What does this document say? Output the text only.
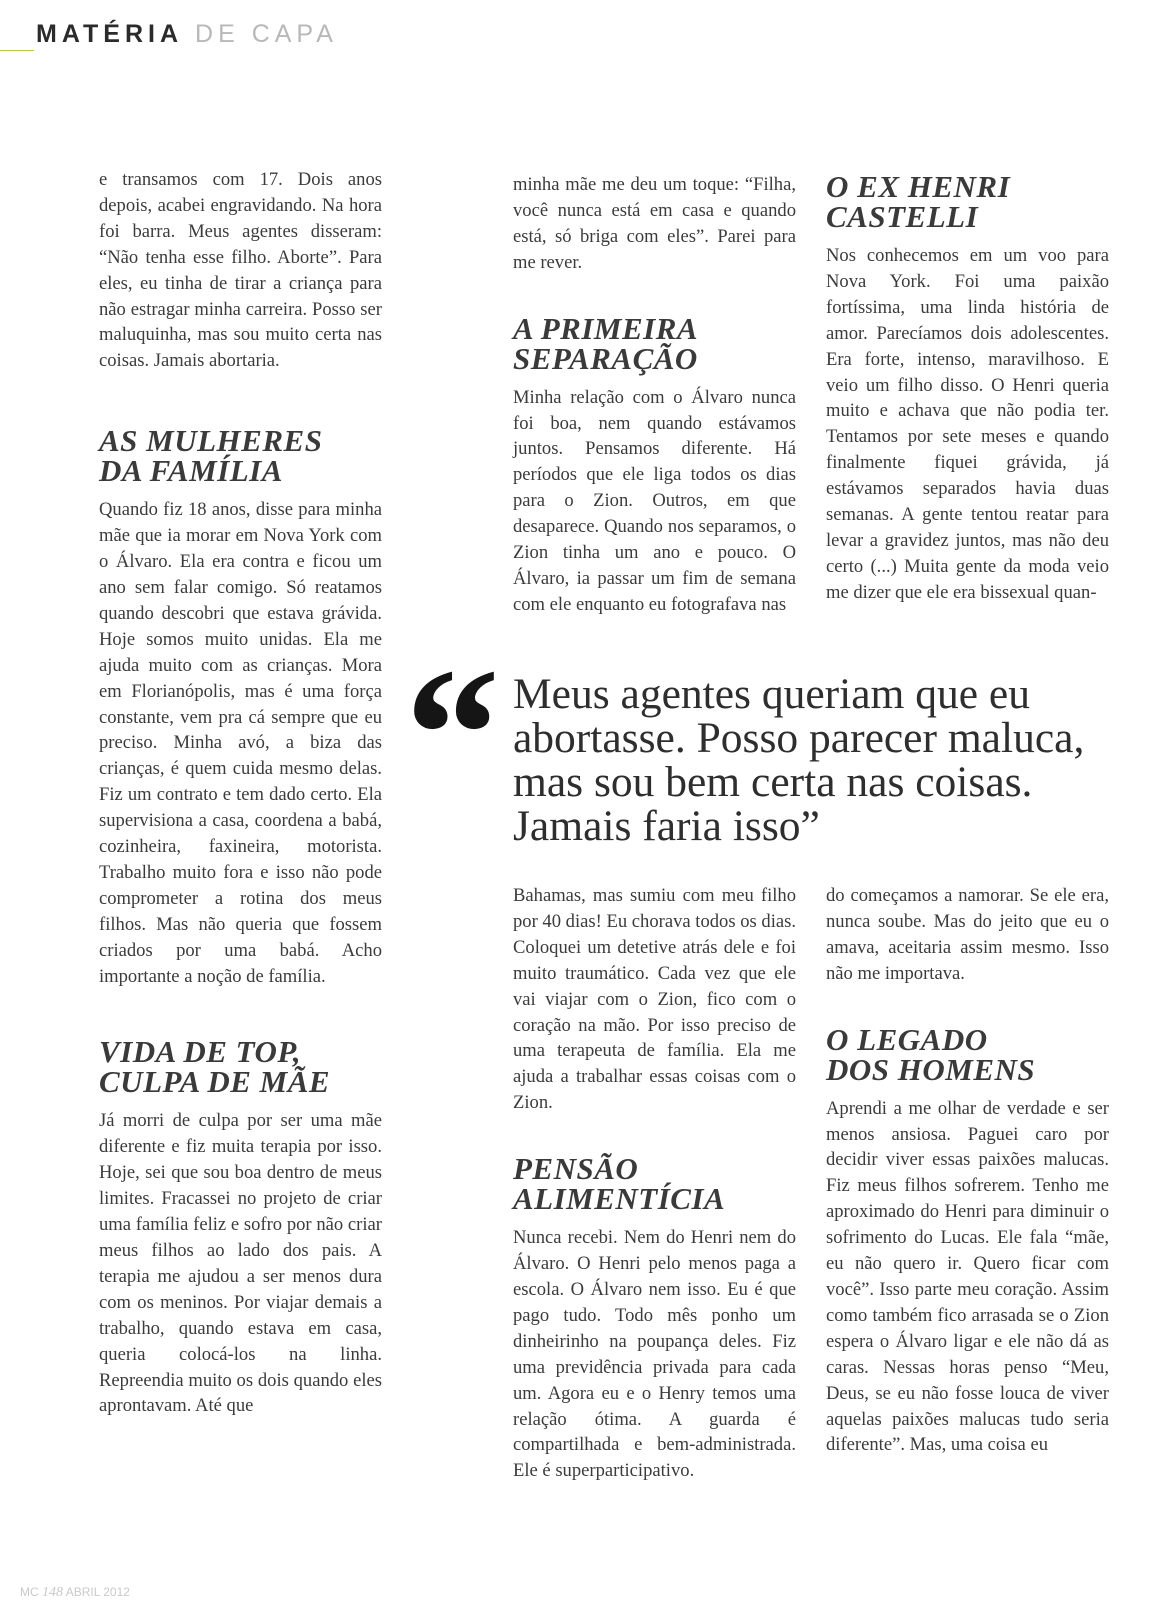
MATÉRIA DE CAPA

e transamos com 17. Dois anos depois, acabei engravidando. Na hora foi barra. Meus agentes disseram: “Não tenha esse filho. Aborte”. Para eles, eu tinha de tirar a criança para não estragar minha carreira. Posso ser maluquinha, mas sou muito certa nas coisas. Jamais abortaria.

AS MULHERES
DA FAMÍLIA

Quando fiz 18 anos, disse para minha mãe que ia morar em Nova York com o Álvaro. Ela era contra e ficou um ano sem falar comigo. Só reatamos quando descobri que estava grávida. Hoje somos muito unidas. Ela me ajuda muito com as crianças. Mora em Florianópolis, mas é uma força constante, vem pra cá sempre que eu preciso. Minha avó, a biza das crianças, é quem cuida mesmo delas. Fiz um contrato e tem dado certo. Ela supervisiona a casa, coordena a babá, cozinheira, faxineira, motorista. Trabalho muito fora e isso não pode comprometer a rotina dos meus filhos. Mas não queria que fossem criados por uma babá. Acho importante a noção de família.

VIDA DE TOP,
CULPA DE MÃE

Já morri de culpa por ser uma mãe diferente e fiz muita terapia por isso. Hoje, sei que sou boa dentro de meus limites. Fracassei no projeto de criar uma família feliz e sofro por não criar meus filhos ao lado dos pais. A terapia me ajudou a ser menos dura com os meninos. Por viajar demais a trabalho, quando estava em casa, queria colocá-los na linha. Repreendia muito os dois quando eles aprontavam. Até que

minha mãe me deu um toque: “Filha, você nunca está em casa e quando está, só briga com eles”. Parei para me rever.

A PRIMEIRA
SEPARAÇÃO

Minha relação com o Álvaro nunca foi boa, nem quando estávamos juntos. Pensamos diferente. Há períodos que ele liga todos os dias para o Zion. Outros, em que desaparece. Quando nos separamos, o Zion tinha um ano e pouco. O Álvaro, ia passar um fim de semana com ele enquanto eu fotografava nas

O EX HENRI
CASTELLI

Nos conhecemos em um voo para Nova York. Foi uma paixão fortíssima, uma linda história de amor. Parecíamos dois adolescentes. Era forte, intenso, maravilhoso. E veio um filho disso. O Henri queria muito e achava que não podia ter. Tentamos por sete meses e quando finalmente fiquei grávida, já estávamos separados havia duas semanas. A gente tentou reatar para levar a gravidez juntos, mas não deu certo (...) Muita gente da moda veio me dizer que ele era bissexual quan-

“ Meus agentes queriam que eu abortasse. Posso parecer maluca, mas sou bem certa nas coisas. Jamais faria isso”

Bahamas, mas sumiu com meu filho por 40 dias! Eu chorava todos os dias. Coloquei um detetive atrás dele e foi muito traumático. Cada vez que ele vai viajar com o Zion, fico com o coração na mão. Por isso preciso de uma terapeuta de família. Ela me ajuda a trabalhar essas coisas com o Zion.

PENSÃO
ALIMENTÍCIA

Nunca recebi. Nem do Henri nem do Álvaro. O Henri pelo menos paga a escola. O Álvaro nem isso. Eu é que pago tudo. Todo mês ponho um dinheirinho na poupança deles. Fiz uma previdência privada para cada um. Agora eu e o Henry temos uma relação ótima. A guarda é compartilhada e bem-administrada. Ele é superparticipativo.

do começamos a namorar. Se ele era, nunca soube. Mas do jeito que eu o amava, aceitaria assim mesmo. Isso não me importava.

O LEGADO
DOS HOMENS

Aprendi a me olhar de verdade e ser menos ansiosa. Paguei caro por decidir viver essas paixões malucas. Fiz meus filhos sofrerem. Tenho me aproximado do Henri para diminuir o sofrimento do Lucas. Ele fala “mãe, eu não quero ir. Quero ficar com você”. Isso parte meu coração. Assim como também fico arrasada se o Zion espera o Álvaro ligar e ele não dá as caras. Nessas horas penso “Meu, Deus, se eu não fosse louca de viver aquelas paixões malucas tudo seria diferente”. Mas, uma coisa eu

MC 148 ABRIL 2012
